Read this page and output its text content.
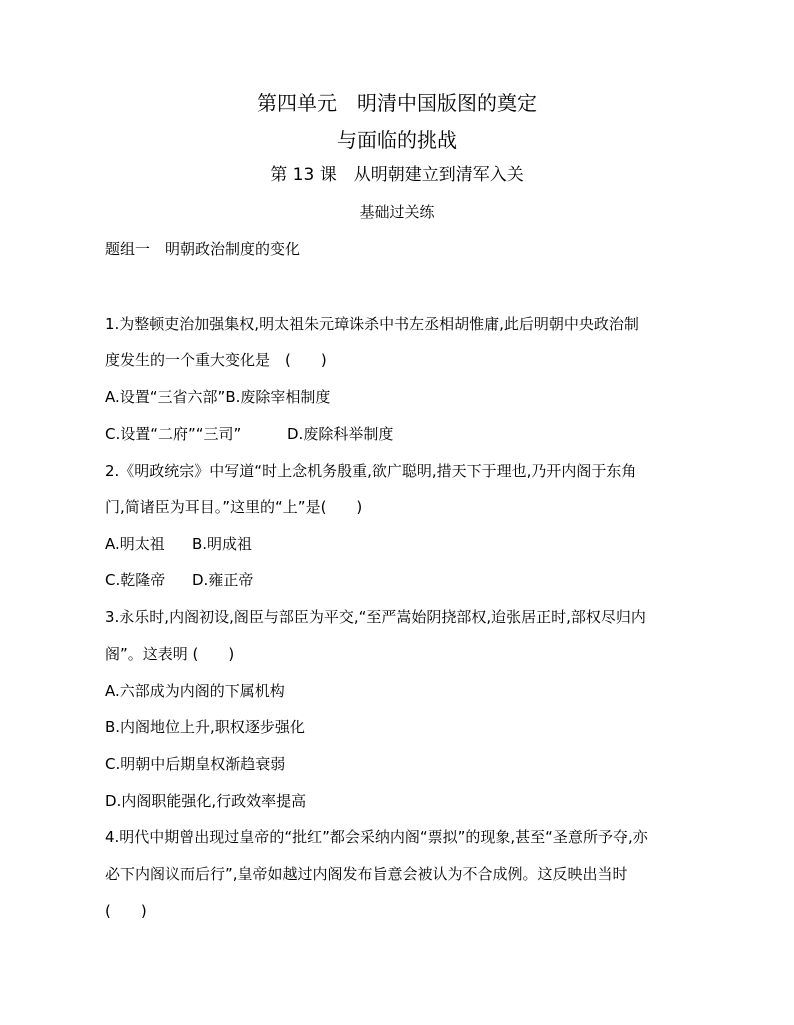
第四单元　明清中国版图的奠定
与面临的挑战
第 13 课　从明朝建立到清军入关
基础过关练
题组一　明朝政治制度的变化
1.为整顿吏治加强集权,明太祖朱元璋诛杀中书左丞相胡惟庸,此后明朝中央政治制
度发生的一个重大变化是　(　　)
A.设置“三省六部”B.废除宰相制度
C.设置“二府”“三司”	D.废除科举制度
2.《明政统宗》中写道“时上念机务殷重,欲广聪明,措天下于理也,乃开内阁于东角
门,简诸臣为耳目。”这里的“上”是(　　)
A.明太祖 B.明成祖
C.乾隆帝 D.雍正帝
3.永乐时,内阁初设,阁臣与部臣为平交,“至严嵩始阴挠部权,迨张居正时,部权尽归内
阁”。这表明 (　　)
A.六部成为内阁的下属机构
B.内阁地位上升,职权逐步强化
C.明朝中后期皇权渐趋衰弱
D.内阁职能强化,行政效率提高
4.明代中期曾出现过皇帝的“批红”都会采纳内阁“票拟”的现象,甚至“圣意所予夺,亦
必下内阁议而后行”,皇帝如越过内阁发布旨意会被认为不合成例。这反映出当时
(　　)
